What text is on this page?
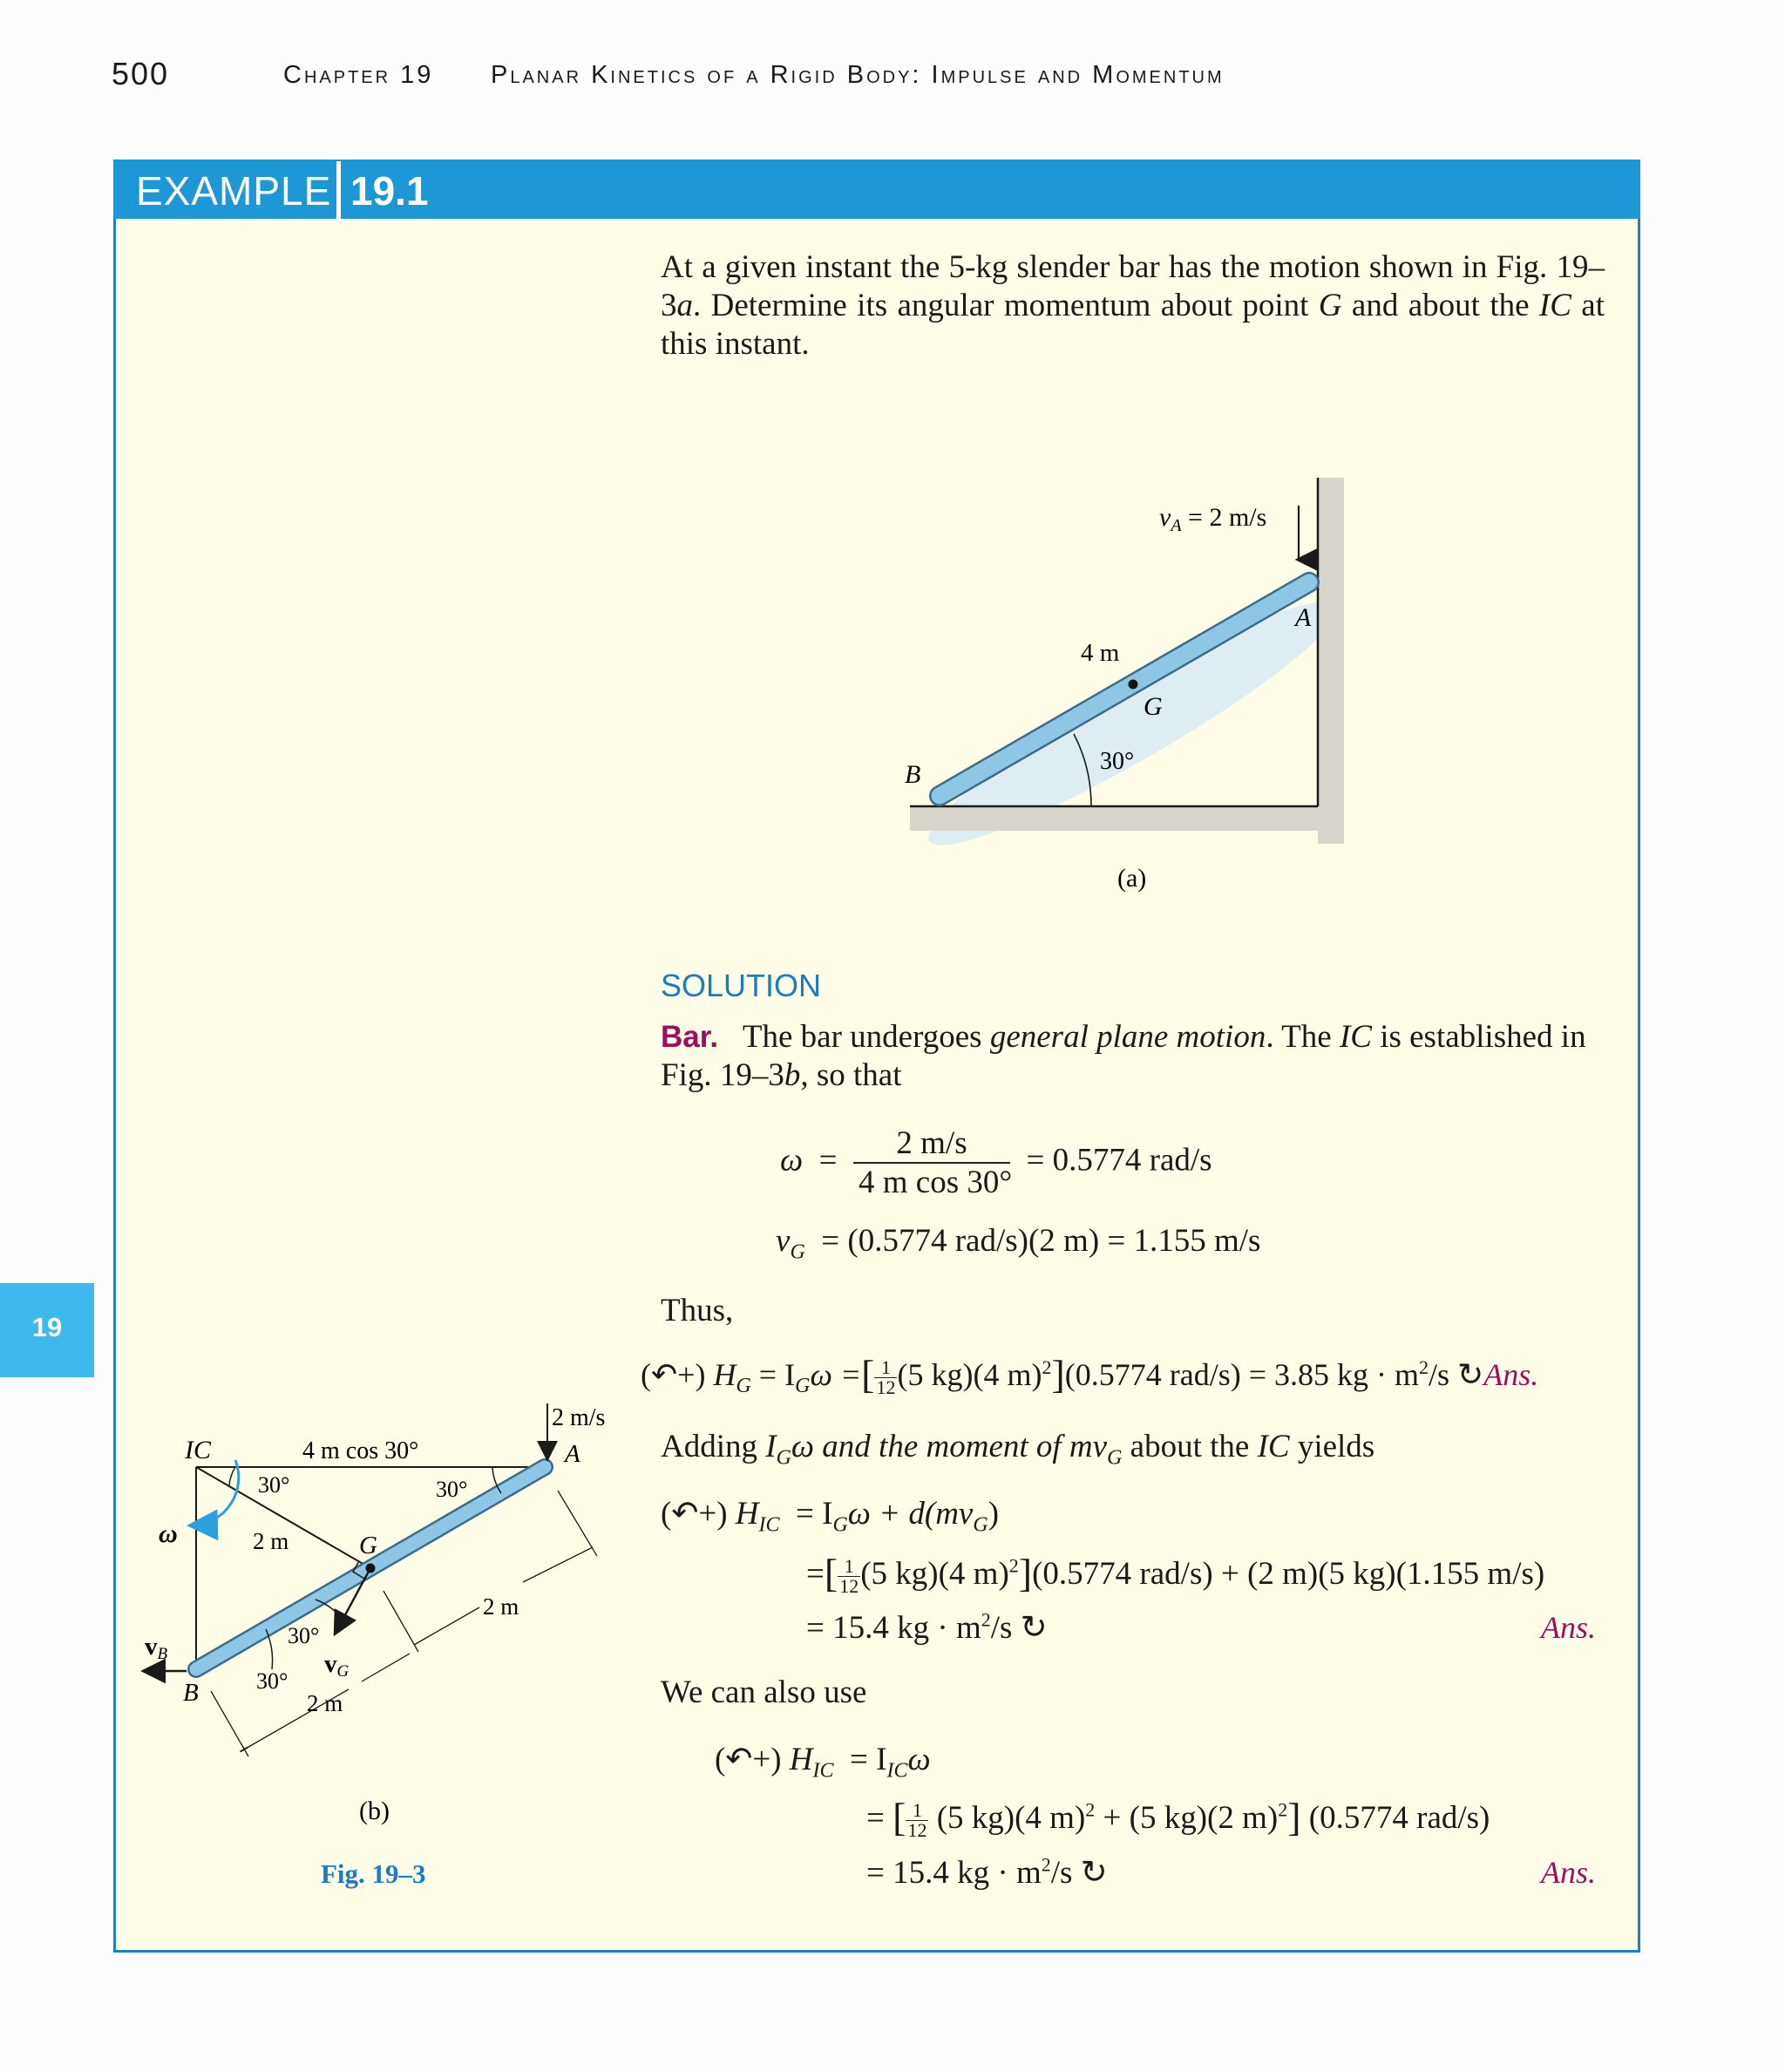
500	Chapter 19 Planar Kinetics of a Rigid Body: Impulse and Momentum
EXAMPLE 19.1
19
At a given instant the 5-kg slender bar has the motion shown in Fig. 19–3a. Determine its angular momentum about point G and about the IC at this instant.
$v_A = 2$ m/s
A
4 m
G
B	30°
(a)
SOLUTION
Bar. The bar undergoes general plane motion. The IC is established in Fig. 19–3b, so that
$\omega = \frac{2 m/s}{\text{4 m cos 30°}} = 0.5774$ rad/s
$v_G = (0.5774$ rad/s)(2 m) = 1.155 m/s
Thus,
(↶+) $H_G = I_G\omega$ =[ $\frac{1}{12} (5$ kg)(4 m)$^2$](0.5774 rad/s) = 3.85 kg · $m^2/s$ ↻Ans.
Adding $I_G\omega$ and the moment of $mv_G$ about the IC yields
(↶+) $H_{IC} = I_G\omega + d(mv_G)$
=[ $\frac{1}{12} (5$ kg)(4 m)$^2$](0.5774 rad/s) + (2 m)(5 kg)(1.155 m/s)
= 15.4 kg · $m^2/s$ ↻	Ans.
We can also use
(↶+) $H_{IC} = I_{IC}\omega$
= [ $\frac{1}{12} (5$ kg)(4 m)$^2$ + (5 kg)(2 m)$^2$] (0.5774 rad/s)
= 15.4 kg · $m^2/s$ ↻	Ans.
IC	4 m cos 30°
2 m/s
A
30°	30°
ω	2 m	G
2 m
30°
vG
vB
30°
B	2 m
(b)
Fig. 19–3
